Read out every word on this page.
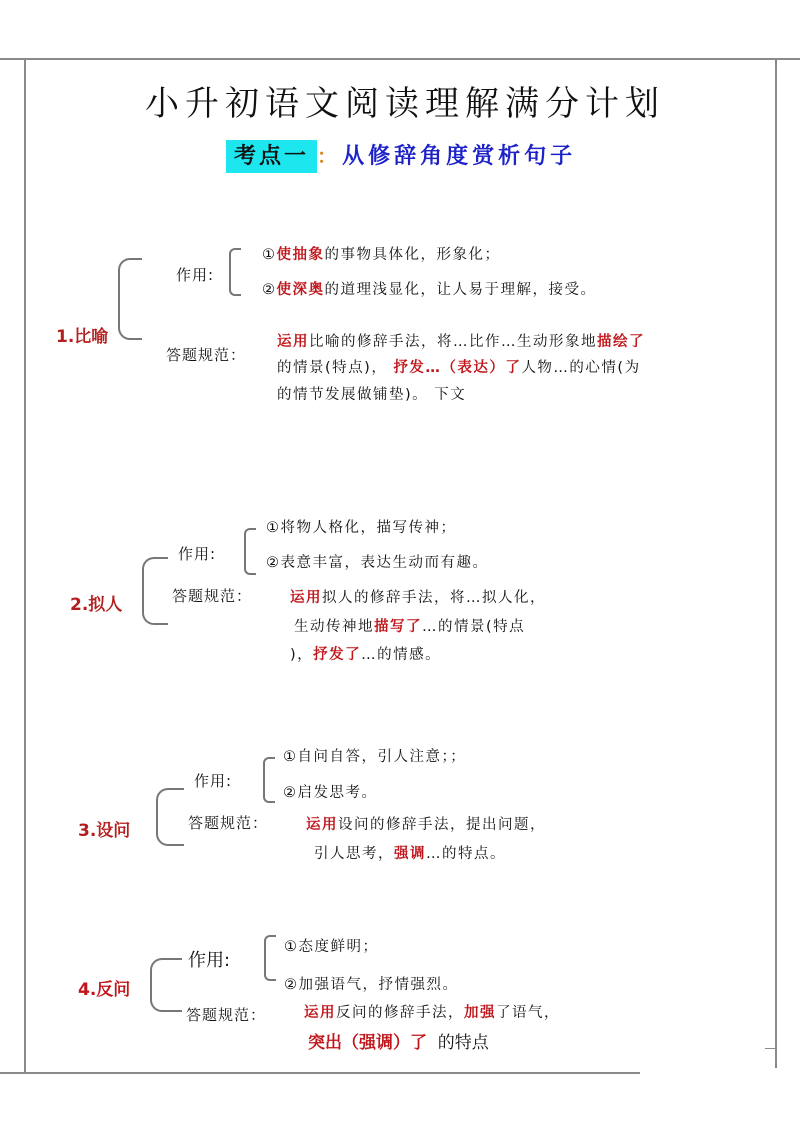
小升初语文阅读理解满分计划
考点一 ： 从修辞角度赏析句子
1.比喻
作用:
①使抽象的事物具体化，形象化；
②使深奥的道理浅显化，让人易于理解，接受。
答题规范：
运用比喻的修辞手法，将…比作…生动形象地描绘了
的情景(特点)， 抒发…（表达）了人物…的心情(为
的情节发展做铺垫)。 下文
2.拟人
作用:
①将物人格化，描写传神；
②表意丰富，表达生动而有趣。
答题规范：	运用拟人的修辞手法，将…拟人化，
生动传神地描写了…的情景(特点
)，抒发了…的情感。
3.设问
作用:
①自问自答，引人注意；；
②启发思考。
答题规范：	运用设问的修辞手法，提出问题，
引人思考，强调…的特点。
4.反问
作用:
①态度鲜明；
②加强语气，抒情强烈。
答题规范：	运用反问的修辞手法，加强了语气，
突出（强调）了  的特点
